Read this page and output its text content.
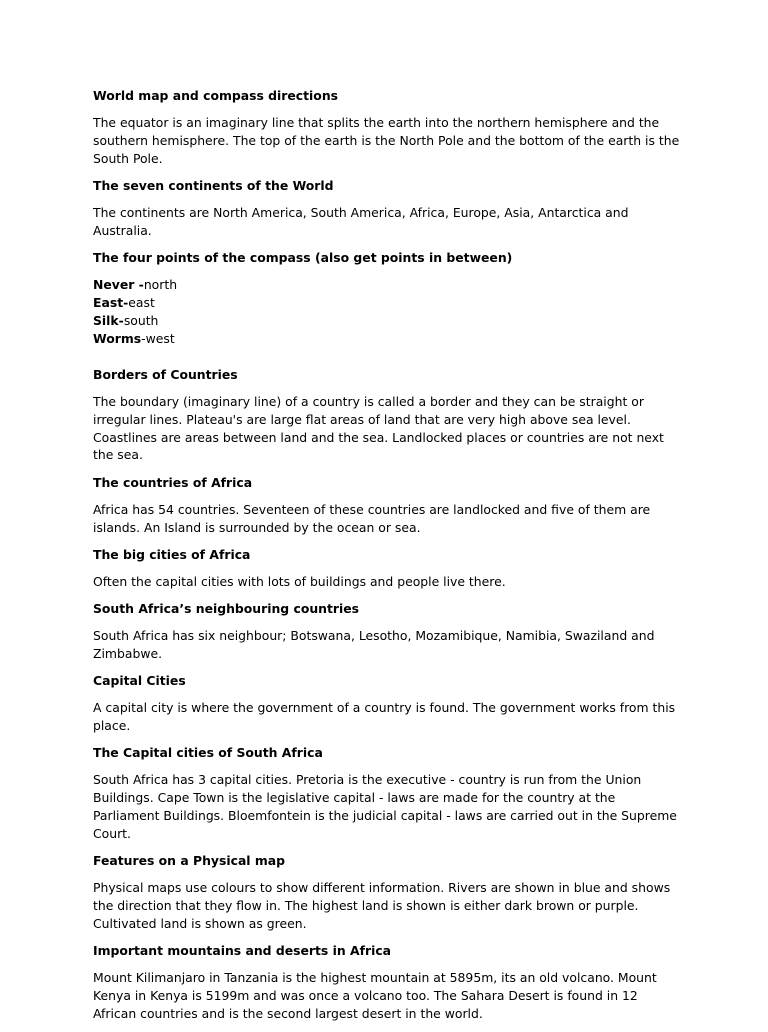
World map and compass directions
The equator is an imaginary line that splits the earth into the northern hemisphere and the southern hemisphere. The top of the earth is the North Pole and the bottom of the earth is the South Pole.
The seven continents of the World
The continents are North America, South America, Africa, Europe, Asia, Antarctica and Australia.
The four points of the compass (also get points in between)
Never -north
East-east
Silk-south
Worms-west
Borders of Countries
The boundary (imaginary line) of a country is called a border and they can be straight or irregular lines. Plateau's are large flat areas of land that are very high above sea level. Coastlines are areas between land and the sea. Landlocked places or countries are not next the sea.
The countries of Africa
Africa has 54 countries. Seventeen of these countries are landlocked and five of them are islands. An Island is surrounded by the ocean or sea.
The big cities of Africa
Often the capital cities with lots of buildings and people live there.
South Africa’s neighbouring countries
South Africa has six neighbour; Botswana, Lesotho, Mozamibique, Namibia, Swaziland and Zimbabwe.
Capital Cities
A capital city is where the government of a country is found. The government works from this place.
The Capital cities of South Africa
South Africa has 3 capital cities. Pretoria is the executive - country is run from the Union Buildings. Cape Town is the legislative capital - laws are made for the country at the Parliament Buildings. Bloemfontein is the judicial capital - laws are carried out in the Supreme Court.
Features on a Physical map
Physical maps use colours to show different information. Rivers are shown in blue and shows the direction that they flow in. The highest land is shown is either dark brown or purple. Cultivated land is shown as green.
Important mountains and deserts in Africa
Mount Kilimanjaro in Tanzania is the highest mountain at 5895m, its an old volcano. Mount Kenya in Kenya is 5199m and was once a volcano too. The Sahara Desert is found in 12 African countries and is the second largest desert in the world.
